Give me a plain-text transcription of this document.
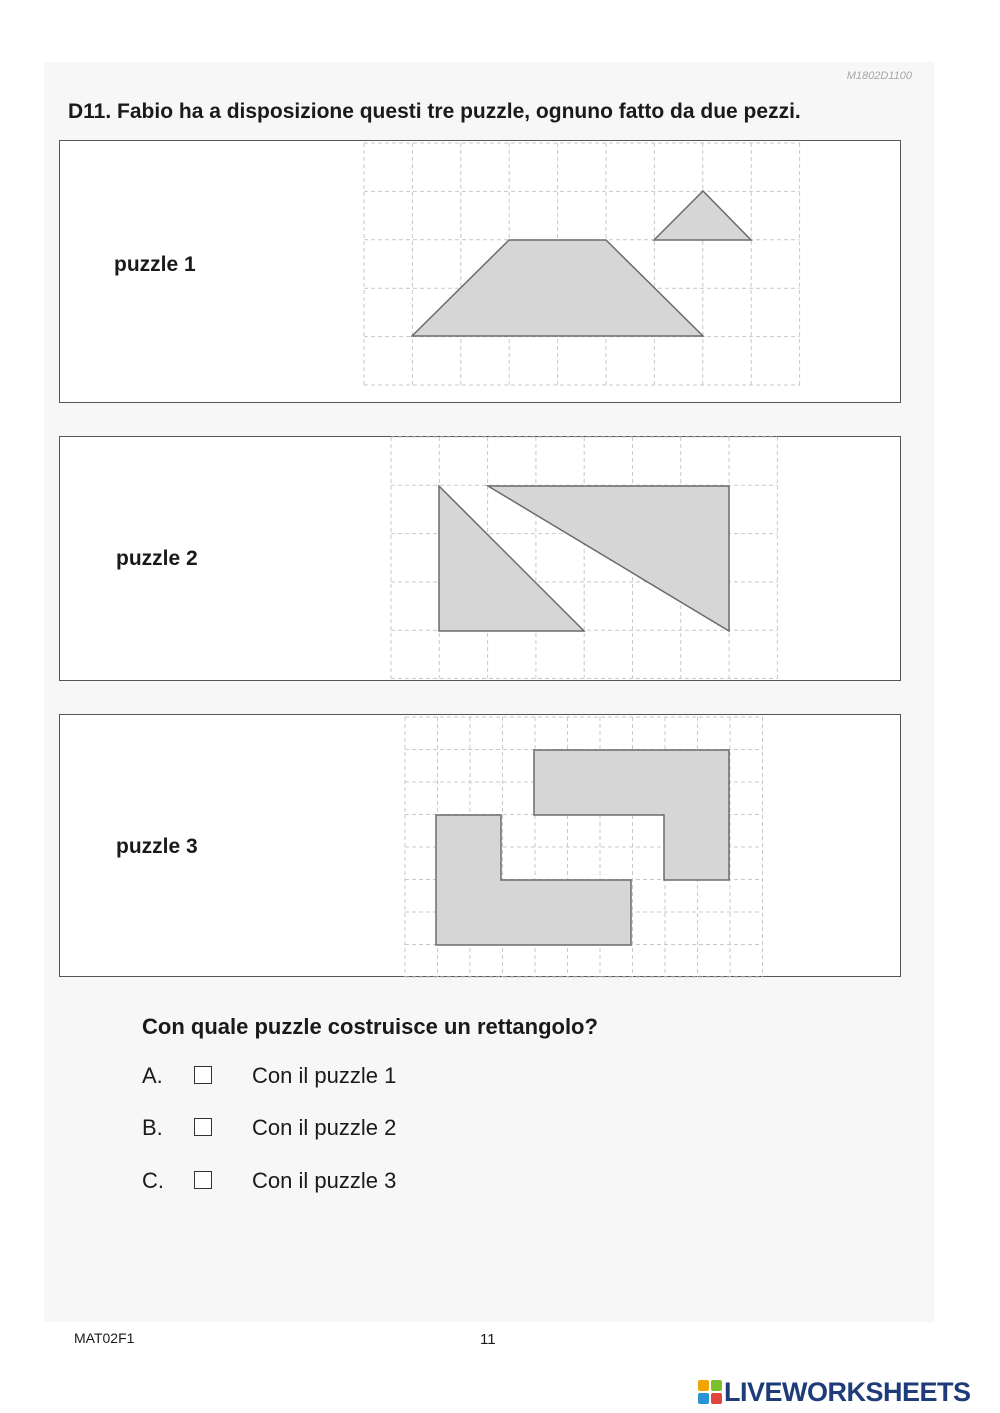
M1802D1100
D11. Fabio ha a disposizione questi tre puzzle, ognuno fatto da due pezzi.
puzzle 1
puzzle 2
puzzle 3
Con quale puzzle costruisce un rettangolo?
A.	Con il puzzle 1
B.	Con il puzzle 2
C.	Con il puzzle 3
MAT02F1	11
LIVEWORKSHEETS
